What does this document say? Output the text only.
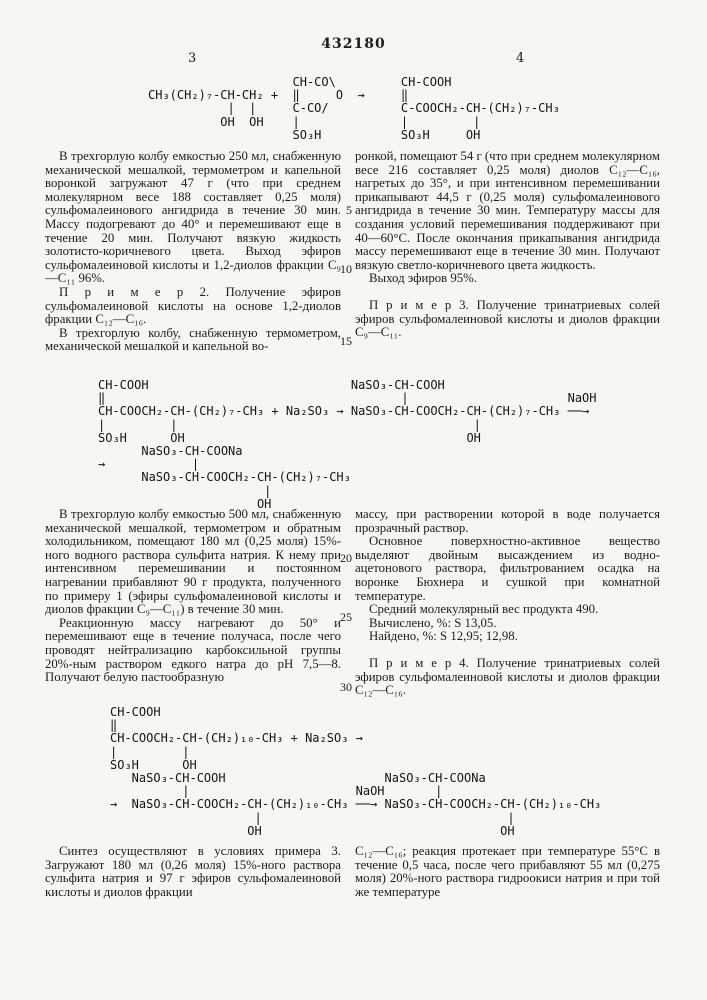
432180
3	4
CH-CO\         CH-COOH
CH₃(CH₂)₇-CH-CH₂ +  ‖     O  →     ‖
|  |     C-CO/          C-COOCH₂-CH-(CH₂)₇-CH₃
OH  OH    |              |         |
SO₃H           SO₃H     OH
CH-COOH                            NaSO₃-CH-COOH
‖                                         |                      NaOH
CH-COOCH₂-CH-(CH₂)₇-CH₃ + Na₂SO₃ → NaSO₃-CH-COOCH₂-CH-(CH₂)₇-CH₃ ──→
|         |                                         |
SO₃H      OH                                       OH
NaSO₃-CH-COONa
→            |
NaSO₃-CH-COOCH₂-CH-(CH₂)₇-CH₃
|
OH
CH-COOH
‖
CH-COOCH₂-CH-(CH₂)₁₀-CH₃ + Na₂SO₃ →
|         |
SO₃H      OH
NaSO₃-CH-COOH                      NaSO₃-CH-COONa
|                       NaOH       |
→  NaSO₃-CH-COOCH₂-CH-(CH₂)₁₀-CH₃ ──→ NaSO₃-CH-COOCH₂-CH-(CH₂)₁₀-CH₃
|                                  |
OH                                 OH
5
10
15
20
25
30

В трехгорлую колбу емкостью 250 мл, снабженную механической мешалкой, термометром и капельной воронкой загружают 47 г (что при среднем молекулярном весе 188 составляет 0,25 моля) сульфомалеинового ангидрида в течение 30 мин. Массу подогревают до 40° и перемешивают еще в течение 20 мин. Получают вязкую жидкость золотисто-коричневого цвета. Выход эфиров сульфомалеиновой кислоты и 1,2-диолов фракции C₉—C₁₁ 96%.

П р и м е р 2. Получение эфиров сульфомалеиновой кислоты на основе 1,2-диолов фракции C₁₂—C₁₆.

В трехгорлую колбу, снабженную термометром, механической мешалкой и капельной во-

ронкой, помещают 54 г (что при среднем молекулярном весе 216 составляет 0,25 моля) диолов C₁₂—C₁₆, нагретых до 35°, и при интенсивном перемешивании прикапывают 44,5 г (0,25 моля) сульфомалеинового ангидрида в течение 30 мин. Температуру массы для создания условий перемешивания поддерживают при 40—60°С. После окончания прикапывания ангидрида массу перемешивают еще в течение 30 мин. Получают вязкую светло-коричневого цвета жидкость.

Выход эфиров 95%.

П р и м е р 3. Получение тринатриевых солей эфиров сульфомалеиновой кислоты и диолов фракции C₉—C₁₁.

В трехгорлую колбу емкостью 500 мл, снабженную механической мешалкой, термометром и обратным холодильником, помещают 180 мл (0,25 моля) 15%-ного водного раствора сульфита натрия. К нему при интенсивном перемешивании и постоянном нагревании прибавляют 90 г продукта, полученного по примеру 1 (эфиры сульфомалеиновой кислоты и диолов фракции C₉—C₁₁) в течение 30 мин.

Реакционную массу нагревают до 50° и перемешивают еще в течение получаса, после чего проводят нейтрализацию карбоксильной группы 20%-ным раствором едкого натра до рН 7,5—8. Получают белую пастообразную

массу, при растворении которой в воде получается прозрачный раствор.

Основное поверхностно-активное вещество выделяют двойным высаждением из водно-ацетонового раствора, фильтрованием осадка на воронке Бюхнера и сушкой при комнатной температуре.

Средний молекулярный вес продукта 490.

Вычислено, %: S 13,05.

Найдено, %: S 12,95; 12,98.

П р и м е р 4. Получение тринатриевых солей эфиров сульфомалеиновой кислоты и диолов фракции C₁₂—C₁₆.

Синтез осуществляют в условиях примера 3. Загружают 180 мл (0,26 моля) 15%-ного раствора сульфита натрия и 97 г эфиров сульфомалеиновой кислоты и диолов фракции

C₁₂—C₁₆; реакция протекает при температуре 55°С в течение 0,5 часа, после чего прибавляют 55 мл (0,275 моля) 20%-ного раствора гидроокиси натрия и при той же температуре
